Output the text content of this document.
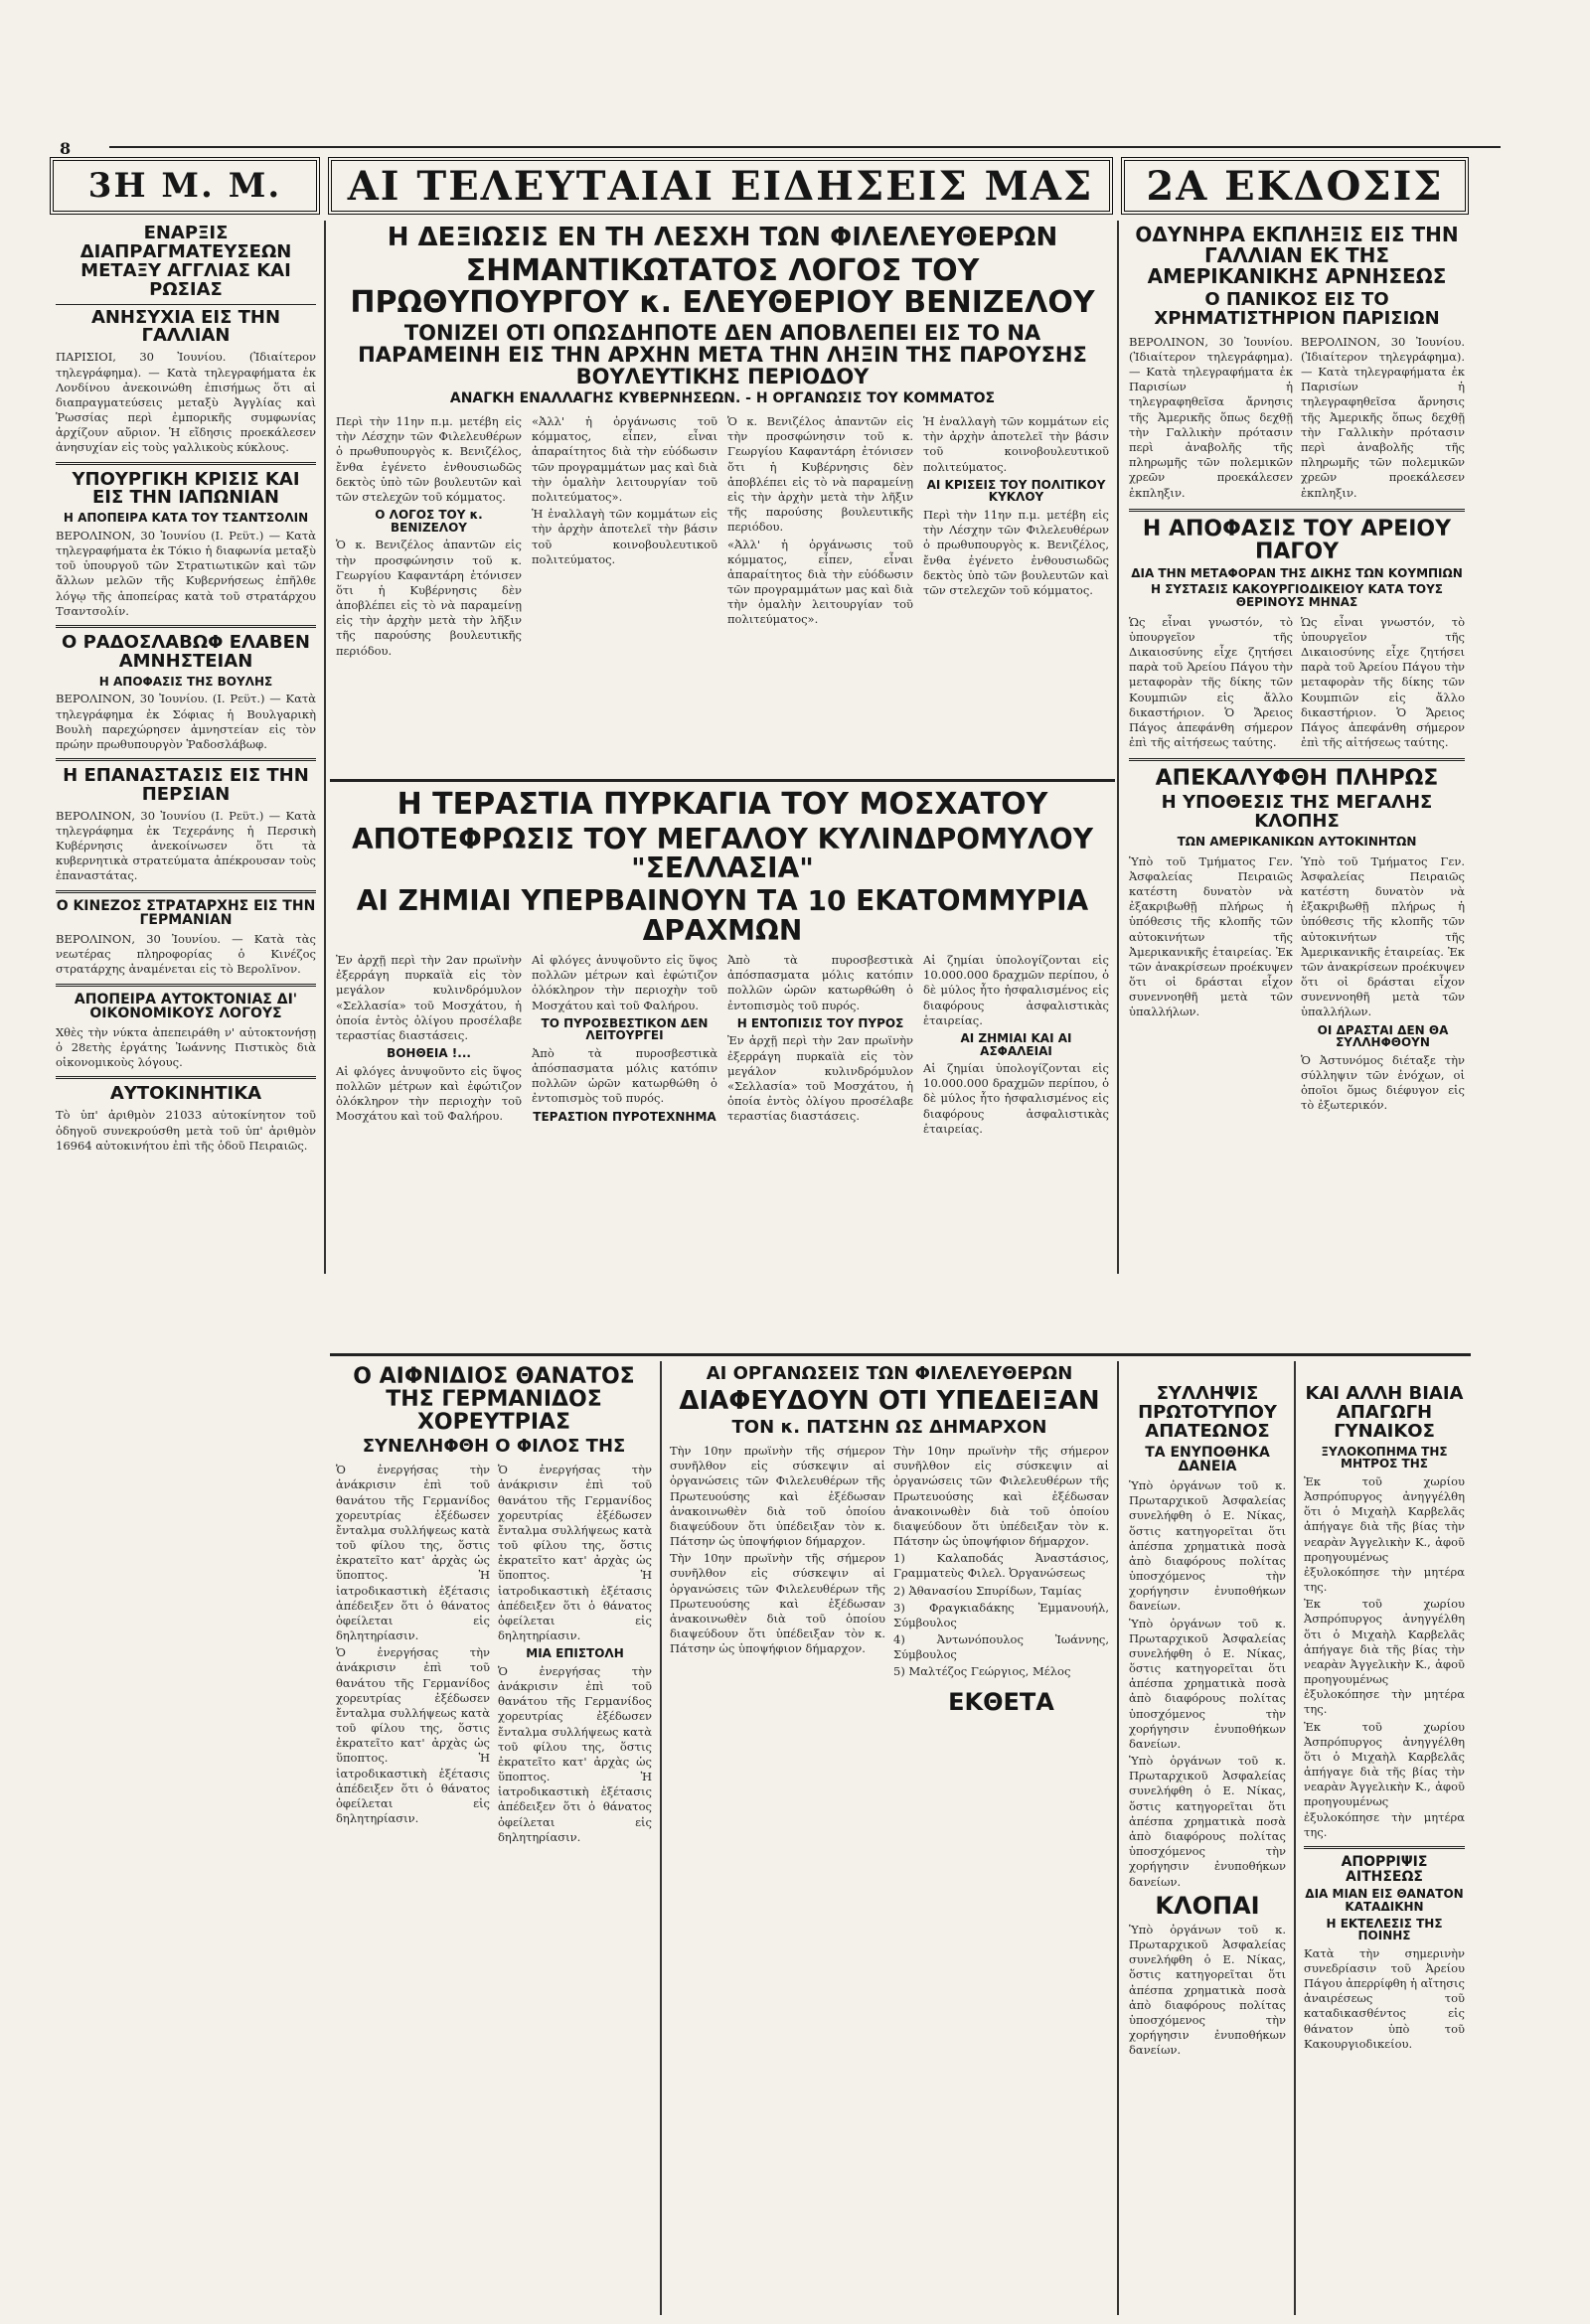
8
3Η Μ. Μ.	ΑΙ ΤΕΛΕΥΤΑΙΑΙ ΕΙΔΗΣΕΙΣ ΜΑΣ	2Α ΕΚΔΟΣΙΣ
ΕΝΑΡΞΙΣ ΔΙΑΠΡΑΓΜΑΤΕΥΣΕΩΝ ΜΕΤΑΞΥ ΑΓΓΛΙΑΣ ΚΑΙ ΡΩΣΙΑΣ
ΑΝΗΣΥΧΙΑ ΕΙΣ ΤΗΝ ΓΑΛΛΙΑΝ

ΠΑΡΙΣΙΟΙ, 30 Ἰουνίου. (Ἰδιαίτερον τηλεγράφημα). — Κατὰ τηλεγραφήματα ἐκ Λονδίνου ἀνεκοινώθη ἐπισήμως ὅτι αἱ διαπραγματεύσεις μεταξὺ Ἀγγλίας καὶ Ῥωσσίας περὶ ἐμπορικῆς συμφωνίας ἀρχίζουν αὔριον. Ἡ εἴδησις προεκάλεσεν ἀνησυχίαν εἰς τοὺς γαλλικοὺς κύκλους.

ΥΠΟΥΡΓΙΚΗ ΚΡΙΣΙΣ ΚΑΙ ΕΙΣ ΤΗΝ ΙΑΠΩΝΙΑΝ
Η ΑΠΟΠΕΙΡΑ ΚΑΤΑ ΤΟΥ ΤΣΑΝΤΣΟΛΙΝ

ΒΕΡΟΛΙΝΟΝ, 30 Ἰουνίου (Ι. Ρεϋτ.) — Κατὰ τηλεγραφήματα ἐκ Τόκιο ἡ διαφωνία μεταξὺ τοῦ ὑπουργοῦ τῶν Στρατιωτικῶν καὶ τῶν ἄλλων μελῶν τῆς Κυβερνήσεως ἐπῆλθε λόγῳ τῆς ἀποπείρας κατὰ τοῦ στρατάρχου Τσαντσολίν.

Ο ΡΑΔΟΣΛΑΒΩΦ ΕΛΑΒΕΝ ΑΜΝΗΣΤΕΙΑΝ
Η ΑΠΟΦΑΣΙΣ ΤΗΣ ΒΟΥΛΗΣ

ΒΕΡΟΛΙΝΟΝ, 30 Ἰουνίου. (Ι. Ρεϋτ.) — Κατὰ τηλεγράφημα ἐκ Σόφιας ἡ Βουλγαρικὴ Βουλὴ παρεχώρησεν ἀμνηστείαν εἰς τὸν πρώην πρωθυπουργὸν Ῥαδοσλάβωφ.

Η ΕΠΑΝΑΣΤΑΣΙΣ ΕΙΣ ΤΗΝ ΠΕΡΣΙΑΝ

ΒΕΡΟΛΙΝΟΝ, 30 Ἰουνίου (Ι. Ρεϋτ.) — Κατὰ τηλεγράφημα ἐκ Τεχεράνης ἡ Περσικὴ Κυβέρνησις ἀνεκοίνωσεν ὅτι τὰ κυβερνητικὰ στρατεύματα ἀπέκρουσαν τοὺς ἐπαναστάτας.

Ο ΚΙΝΕΖΟΣ ΣΤΡΑΤΑΡΧΗΣ ΕΙΣ ΤΗΝ ΓΕΡΜΑΝΙΑΝ

ΒΕΡΟΛΙΝΟΝ, 30 Ἰουνίου. — Κατὰ τὰς νεωτέρας πληροφορίας ὁ Κινέζος στρατάρχης ἀναμένεται εἰς τὸ Βερολῖνον.

ΑΠΟΠΕΙΡΑ ΑΥΤΟΚΤΟΝΙΑΣ ΔΙ' ΟΙΚΟΝΟΜΙΚΟΥΣ ΛΟΓΟΥΣ

Χθὲς τὴν νύκτα ἀπεπειράθη ν' αὐτοκτονήσῃ ὁ 28ετὴς ἐργάτης Ἰωάννης Πιστικὸς διὰ οἰκονομικοὺς λόγους.

ΑΥΤΟΚΙΝΗΤΙΚΑ

Τὸ ὑπ' ἀριθμὸν 21033 αὐτοκίνητον τοῦ ὁδηγοῦ συνεκρούσθη μετὰ τοῦ ὑπ' ἀριθμὸν 16964 αὐτοκινήτου ἐπὶ τῆς ὁδοῦ Πειραιῶς.

Η ΔΕΞΙΩΣΙΣ ΕΝ ΤΗ ΛΕΣΧΗ ΤΩΝ ΦΙΛΕΛΕΥΘΕΡΩΝ
ΣΗΜΑΝΤΙΚΩΤΑΤΟΣ ΛΟΓΟΣ ΤΟΥ ΠΡΩΘΥΠΟΥΡΓΟΥ κ. ΕΛΕΥΘΕΡΙΟΥ ΒΕΝΙΖΕΛΟΥ
ΤΟΝΙΖΕΙ ΟΤΙ ΟΠΩΣΔΗΠΟΤΕ ΔΕΝ ΑΠΟΒΛΕΠΕΙ ΕΙΣ ΤΟ ΝΑ ΠΑΡΑΜΕΙΝΗ ΕΙΣ ΤΗΝ ΑΡΧΗΝ ΜΕΤΑ ΤΗΝ ΛΗΞΙΝ ΤΗΣ ΠΑΡΟΥΣΗΣ ΒΟΥΛΕΥΤΙΚΗΣ ΠΕΡΙΟΔΟΥ
ΑΝΑΓΚΗ ΕΝΑΛΛΑΓΗΣ ΚΥΒΕΡΝΗΣΕΩΝ. - Η ΟΡΓΑΝΩΣΙΣ ΤΟΥ ΚΟΜΜΑΤΟΣ

Περὶ τὴν 11ην π.μ. μετέβη εἰς τὴν Λέσχην τῶν Φιλελευθέρων ὁ πρωθυπουργὸς κ. Βενιζέλος, ἔνθα ἐγένετο ἐνθουσιωδῶς δεκτὸς ὑπὸ τῶν βουλευτῶν καὶ τῶν στελεχῶν τοῦ κόμματος.

Ο ΛΟΓΟΣ ΤΟΥ κ. ΒΕΝΙΖΕΛΟΥ

Ὁ κ. Βενιζέλος ἀπαντῶν εἰς τὴν προσφώνησιν τοῦ κ. Γεωργίου Καφαντάρη ἐτόνισεν ὅτι ἡ Κυβέρνησις δὲν ἀποβλέπει εἰς τὸ νὰ παραμείνῃ εἰς τὴν ἀρχὴν μετὰ τὴν λῆξιν τῆς παρούσης βουλευτικῆς περιόδου.

«Ἀλλ' ἡ ὀργάνωσις τοῦ κόμματος, εἶπεν, εἶναι ἀπαραίτητος διὰ τὴν εὐόδωσιν τῶν προγραμμάτων μας καὶ διὰ τὴν ὁμαλὴν λειτουργίαν τοῦ πολιτεύματος».

Ἡ ἐναλλαγὴ τῶν κομμάτων εἰς τὴν ἀρχὴν ἀποτελεῖ τὴν βάσιν τοῦ κοινοβουλευτικοῦ πολιτεύματος.

Ὁ κ. Βενιζέλος ἀπαντῶν εἰς τὴν προσφώνησιν τοῦ κ. Γεωργίου Καφαντάρη ἐτόνισεν ὅτι ἡ Κυβέρνησις δὲν ἀποβλέπει εἰς τὸ νὰ παραμείνῃ εἰς τὴν ἀρχὴν μετὰ τὴν λῆξιν τῆς παρούσης βουλευτικῆς περιόδου.

«Ἀλλ' ἡ ὀργάνωσις τοῦ κόμματος, εἶπεν, εἶναι ἀπαραίτητος διὰ τὴν εὐόδωσιν τῶν προγραμμάτων μας καὶ διὰ τὴν ὁμαλὴν λειτουργίαν τοῦ πολιτεύματος».

Ἡ ἐναλλαγὴ τῶν κομμάτων εἰς τὴν ἀρχὴν ἀποτελεῖ τὴν βάσιν τοῦ κοινοβουλευτικοῦ πολιτεύματος.

ΑΙ ΚΡΙΣΕΙΣ ΤΟΥ ΠΟΛΙΤΙΚΟΥ ΚΥΚΛΟΥ

Περὶ τὴν 11ην π.μ. μετέβη εἰς τὴν Λέσχην τῶν Φιλελευθέρων ὁ πρωθυπουργὸς κ. Βενιζέλος, ἔνθα ἐγένετο ἐνθουσιωδῶς δεκτὸς ὑπὸ τῶν βουλευτῶν καὶ τῶν στελεχῶν τοῦ κόμματος.

Η ΤΕΡΑΣΤΙΑ ΠΥΡΚΑΓΙΑ ΤΟΥ ΜΟΣΧΑΤΟΥ
ΑΠΟΤΕΦΡΩΣΙΣ ΤΟΥ ΜΕΓΑΛΟΥ ΚΥΛΙΝΔΡΟΜΥΛΟΥ "ΣΕΛΛΑΣΙΑ"
ΑΙ ΖΗΜΙΑΙ ΥΠΕΡΒΑΙΝΟΥΝ ΤΑ 10 ΕΚΑΤΟΜΜΥΡΙΑ ΔΡΑΧΜΩΝ

Ἐν ἀρχῇ περὶ τὴν 2αν πρωϊνὴν ἐξερράγη πυρκαϊὰ εἰς τὸν μεγάλον κυλινδρόμυλον «Σελλασία» τοῦ Μοσχάτου, ἡ ὁποία ἐντὸς ὀλίγου προσέλαβε τεραστίας διαστάσεις.

ΒΟΗΘΕΙΑ !...

Αἱ φλόγες ἀνυψοῦντο εἰς ὕψος πολλῶν μέτρων καὶ ἐφώτιζον ὁλόκληρον τὴν περιοχὴν τοῦ Μοσχάτου καὶ τοῦ Φαλήρου.

Αἱ φλόγες ἀνυψοῦντο εἰς ὕψος πολλῶν μέτρων καὶ ἐφώτιζον ὁλόκληρον τὴν περιοχὴν τοῦ Μοσχάτου καὶ τοῦ Φαλήρου.

ΤΟ ΠΥΡΟΣΒΕΣΤΙΚΟΝ ΔΕΝ ΛΕΙΤΟΥΡΓΕΙ

Ἀπὸ τὰ πυροσβεστικὰ ἀπόσπασματα μόλις κατόπιν πολλῶν ὡρῶν κατωρθώθη ὁ ἐντοπισμὸς τοῦ πυρός.

ΤΕΡΑΣΤΙΟΝ ΠΥΡΟΤΕΧΝΗΜΑ

Ἀπὸ τὰ πυροσβεστικὰ ἀπόσπασματα μόλις κατόπιν πολλῶν ὡρῶν κατωρθώθη ὁ ἐντοπισμὸς τοῦ πυρός.

Η ΕΝΤΟΠΙΣΙΣ ΤΟΥ ΠΥΡΟΣ

Ἐν ἀρχῇ περὶ τὴν 2αν πρωϊνὴν ἐξερράγη πυρκαϊὰ εἰς τὸν μεγάλον κυλινδρόμυλον «Σελλασία» τοῦ Μοσχάτου, ἡ ὁποία ἐντὸς ὀλίγου προσέλαβε τεραστίας διαστάσεις.

Αἱ ζημίαι ὑπολογίζονται εἰς 10.000.000 δραχμῶν περίπου, ὁ δὲ μύλος ἦτο ἠσφαλισμένος εἰς διαφόρους ἀσφαλιστικὰς ἑταιρείας.

ΑΙ ΖΗΜΙΑΙ ΚΑΙ ΑΙ ΑΣΦΑΛΕΙΑΙ

Αἱ ζημίαι ὑπολογίζονται εἰς 10.000.000 δραχμῶν περίπου, ὁ δὲ μύλος ἦτο ἠσφαλισμένος εἰς διαφόρους ἀσφαλιστικὰς ἑταιρείας.

ΟΔΥΝΗΡΑ ΕΚΠΛΗΞΙΣ ΕΙΣ ΤΗΝ ΓΑΛΛΙΑΝ ΕΚ ΤΗΣ ΑΜΕΡΙΚΑΝΙΚΗΣ ΑΡΝΗΣΕΩΣ
Ο ΠΑΝΙΚΟΣ ΕΙΣ ΤΟ ΧΡΗΜΑΤΙΣΤΗΡΙΟΝ ΠΑΡΙΣΙΩΝ

ΒΕΡΟΛΙΝΟΝ, 30 Ἰουνίου. (Ἰδιαίτερον τηλεγράφημα). — Κατὰ τηλεγραφήματα ἐκ Παρισίων ἡ τηλεγραφηθεῖσα ἄρνησις τῆς Ἀμερικῆς ὅπως δεχθῇ τὴν Γαλλικὴν πρότασιν περὶ ἀναβολῆς τῆς πληρωμῆς τῶν πολεμικῶν χρεῶν προεκάλεσεν ἐκπληξιν.

ΒΕΡΟΛΙΝΟΝ, 30 Ἰουνίου. (Ἰδιαίτερον τηλεγράφημα). — Κατὰ τηλεγραφήματα ἐκ Παρισίων ἡ τηλεγραφηθεῖσα ἄρνησις τῆς Ἀμερικῆς ὅπως δεχθῇ τὴν Γαλλικὴν πρότασιν περὶ ἀναβολῆς τῆς πληρωμῆς τῶν πολεμικῶν χρεῶν προεκάλεσεν ἐκπληξιν.

Η ΑΠΟΦΑΣΙΣ ΤΟΥ ΑΡΕΙΟΥ ΠΑΓΟΥ
ΔΙΑ ΤΗΝ ΜΕΤΑΦΟΡΑΝ ΤΗΣ ΔΙΚΗΣ ΤΩΝ ΚΟΥΜΠΙΩΝ
Η ΣΥΣΤΑΣΙΣ ΚΑΚΟΥΡΓΙΟΔΙΚΕΙΟΥ ΚΑΤΑ ΤΟΥΣ ΘΕΡΙΝΟΥΣ ΜΗΝΑΣ

Ὡς εἶναι γνωστόν, τὸ ὑπουργεῖον τῆς Δικαιοσύνης εἶχε ζητήσει παρὰ τοῦ Ἀρείου Πάγου τὴν μεταφορὰν τῆς δίκης τῶν Κουμπιῶν εἰς ἄλλο δικαστήριον. Ὁ Ἄρειος Πάγος ἀπεφάνθη σήμερον ἐπὶ τῆς αἰτήσεως ταύτης.

Ὡς εἶναι γνωστόν, τὸ ὑπουργεῖον τῆς Δικαιοσύνης εἶχε ζητήσει παρὰ τοῦ Ἀρείου Πάγου τὴν μεταφορὰν τῆς δίκης τῶν Κουμπιῶν εἰς ἄλλο δικαστήριον. Ὁ Ἄρειος Πάγος ἀπεφάνθη σήμερον ἐπὶ τῆς αἰτήσεως ταύτης.

ΑΠΕΚΑΛΥΦΘΗ ΠΛΗΡΩΣ
Η ΥΠΟΘΕΣΙΣ ΤΗΣ ΜΕΓΑΛΗΣ ΚΛΟΠΗΣ
ΤΩΝ ΑΜΕΡΙΚΑΝΙΚΩΝ ΑΥΤΟΚΙΝΗΤΩΝ

Ὑπὸ τοῦ Τμήματος Γεν. Ἀσφαλείας Πειραιῶς κατέστη δυνατὸν νὰ ἐξακριβωθῇ πλήρως ἡ ὑπόθεσις τῆς κλοπῆς τῶν αὐτοκινήτων τῆς Ἀμερικανικῆς ἑταιρείας. Ἐκ τῶν ἀνακρίσεων προέκυψεν ὅτι οἱ δράσται εἶχον συνεννοηθῆ μετὰ τῶν ὑπαλλήλων.

Ὑπὸ τοῦ Τμήματος Γεν. Ἀσφαλείας Πειραιῶς κατέστη δυνατὸν νὰ ἐξακριβωθῇ πλήρως ἡ ὑπόθεσις τῆς κλοπῆς τῶν αὐτοκινήτων τῆς Ἀμερικανικῆς ἑταιρείας. Ἐκ τῶν ἀνακρίσεων προέκυψεν ὅτι οἱ δράσται εἶχον συνεννοηθῆ μετὰ τῶν ὑπαλλήλων.

ΟΙ ΔΡΑΣΤΑΙ ΔΕΝ ΘΑ ΣΥΛΛΗΦΘΟΥΝ

Ὁ Ἀστυνόμος διέταξε τὴν σύλληψιν τῶν ἐνόχων, οἱ ὁποῖοι ὅμως διέφυγον εἰς τὸ ἐξωτερικόν.

Ο ΑΙΦΝΙΔΙΟΣ ΘΑΝΑΤΟΣ ΤΗΣ ΓΕΡΜΑΝΙΔΟΣ ΧΟΡΕΥΤΡΙΑΣ
ΣΥΝΕΛΗΦΘΗ Ο ΦΙΛΟΣ ΤΗΣ

Ὁ ἐνεργήσας τὴν ἀνάκρισιν ἐπὶ τοῦ θανάτου τῆς Γερμανίδος χορευτρίας ἐξέδωσεν ἔνταλμα συλλήψεως κατὰ τοῦ φίλου της, ὅστις ἐκρατεῖτο κατ' ἀρχὰς ὡς ὕποπτος. Ἡ ἰατροδικαστικὴ ἐξέτασις ἀπέδειξεν ὅτι ὁ θάνατος ὀφείλεται εἰς δηλητηρίασιν.

Ὁ ἐνεργήσας τὴν ἀνάκρισιν ἐπὶ τοῦ θανάτου τῆς Γερμανίδος χορευτρίας ἐξέδωσεν ἔνταλμα συλλήψεως κατὰ τοῦ φίλου της, ὅστις ἐκρατεῖτο κατ' ἀρχὰς ὡς ὕποπτος. Ἡ ἰατροδικαστικὴ ἐξέτασις ἀπέδειξεν ὅτι ὁ θάνατος ὀφείλεται εἰς δηλητηρίασιν.

Ὁ ἐνεργήσας τὴν ἀνάκρισιν ἐπὶ τοῦ θανάτου τῆς Γερμανίδος χορευτρίας ἐξέδωσεν ἔνταλμα συλλήψεως κατὰ τοῦ φίλου της, ὅστις ἐκρατεῖτο κατ' ἀρχὰς ὡς ὕποπτος. Ἡ ἰατροδικαστικὴ ἐξέτασις ἀπέδειξεν ὅτι ὁ θάνατος ὀφείλεται εἰς δηλητηρίασιν.

ΜΙΑ ΕΠΙΣΤΟΛΗ

Ὁ ἐνεργήσας τὴν ἀνάκρισιν ἐπὶ τοῦ θανάτου τῆς Γερμανίδος χορευτρίας ἐξέδωσεν ἔνταλμα συλλήψεως κατὰ τοῦ φίλου της, ὅστις ἐκρατεῖτο κατ' ἀρχὰς ὡς ὕποπτος. Ἡ ἰατροδικαστικὴ ἐξέτασις ἀπέδειξεν ὅτι ὁ θάνατος ὀφείλεται εἰς δηλητηρίασιν.

ΑΙ ΟΡΓΑΝΩΣΕΙΣ ΤΩΝ ΦΙΛΕΛΕΥΘΕΡΩΝ
ΔΙΑΦΕΥΔΟΥΝ ΟΤΙ ΥΠΕΔΕΙΞΑΝ
ΤΟΝ κ. ΠΑΤΣΗΝ ΩΣ ΔΗΜΑΡΧΟΝ

Τὴν 10ην πρωϊνὴν τῆς σήμερον συνῆλθον εἰς σύσκεψιν αἱ ὀργανώσεις τῶν Φιλελευθέρων τῆς Πρωτευούσης καὶ ἐξέδωσαν ἀνακοινωθὲν διὰ τοῦ ὁποίου διαψεύδουν ὅτι ὑπέδειξαν τὸν κ. Πάτσην ὡς ὑποψήφιον δήμαρχον.

Τὴν 10ην πρωϊνὴν τῆς σήμερον συνῆλθον εἰς σύσκεψιν αἱ ὀργανώσεις τῶν Φιλελευθέρων τῆς Πρωτευούσης καὶ ἐξέδωσαν ἀνακοινωθὲν διὰ τοῦ ὁποίου διαψεύδουν ὅτι ὑπέδειξαν τὸν κ. Πάτσην ὡς ὑποψήφιον δήμαρχον.

Τὴν 10ην πρωϊνὴν τῆς σήμερον συνῆλθον εἰς σύσκεψιν αἱ ὀργανώσεις τῶν Φιλελευθέρων τῆς Πρωτευούσης καὶ ἐξέδωσαν ἀνακοινωθὲν διὰ τοῦ ὁποίου διαψεύδουν ὅτι ὑπέδειξαν τὸν κ. Πάτσην ὡς ὑποψήφιον δήμαρχον.

1) Καλαποδάς Ἀναστάσιος, Γραμματεὺς Φιλελ. Ὀργανώσεως
2) Ἀθανασίου Σπυρίδων, Ταμίας
3) Φραγκιαδάκης Ἐμμανουήλ, Σύμβουλος
4) Ἀντωνόπουλος Ἰωάννης, Σύμβουλος
5) Μαλτέζος Γεώργιος, Μέλος
ΕΚΘΕΤΑ
ΣΥΛΛΗΨΙΣ ΠΡΩΤΟΤΥΠΟΥ ΑΠΑΤΕΩΝΟΣ
ΤΑ ΕΝΥΠΟΘΗΚΑ ΔΑΝΕΙΑ

Ὑπὸ ὀργάνων τοῦ κ. Πρωταρχικοῦ Ἀσφαλείας συνελήφθη ὁ Ε. Νίκας, ὅστις κατηγορεῖται ὅτι ἀπέσπα χρηματικὰ ποσὰ ἀπὸ διαφόρους πολίτας ὑποσχόμενος τὴν χορήγησιν ἐνυποθήκων δανείων.

Ὑπὸ ὀργάνων τοῦ κ. Πρωταρχικοῦ Ἀσφαλείας συνελήφθη ὁ Ε. Νίκας, ὅστις κατηγορεῖται ὅτι ἀπέσπα χρηματικὰ ποσὰ ἀπὸ διαφόρους πολίτας ὑποσχόμενος τὴν χορήγησιν ἐνυποθήκων δανείων.

Ὑπὸ ὀργάνων τοῦ κ. Πρωταρχικοῦ Ἀσφαλείας συνελήφθη ὁ Ε. Νίκας, ὅστις κατηγορεῖται ὅτι ἀπέσπα χρηματικὰ ποσὰ ἀπὸ διαφόρους πολίτας ὑποσχόμενος τὴν χορήγησιν ἐνυποθήκων δανείων.

ΚΛΟΠΑΙ

Ὑπὸ ὀργάνων τοῦ κ. Πρωταρχικοῦ Ἀσφαλείας συνελήφθη ὁ Ε. Νίκας, ὅστις κατηγορεῖται ὅτι ἀπέσπα χρηματικὰ ποσὰ ἀπὸ διαφόρους πολίτας ὑποσχόμενος τὴν χορήγησιν ἐνυποθήκων δανείων.

ΚΑΙ ΑΛΛΗ ΒΙΑΙΑ ΑΠΑΓΩΓΗ ΓΥΝΑΙΚΟΣ
ΞΥΛΟΚΟΠΗΜΑ ΤΗΣ ΜΗΤΡΟΣ ΤΗΣ

Ἐκ τοῦ χωρίου Ἀσπρόπυργος ἀνηγγέλθη ὅτι ὁ Μιχαὴλ Καρβελᾶς ἀπήγαγε διὰ τῆς βίας τὴν νεαρὰν Ἀγγελικὴν Κ., ἀφοῦ προηγουμένως ἐξυλοκόπησε τὴν μητέρα της.

Ἐκ τοῦ χωρίου Ἀσπρόπυργος ἀνηγγέλθη ὅτι ὁ Μιχαὴλ Καρβελᾶς ἀπήγαγε διὰ τῆς βίας τὴν νεαρὰν Ἀγγελικὴν Κ., ἀφοῦ προηγουμένως ἐξυλοκόπησε τὴν μητέρα της.

Ἐκ τοῦ χωρίου Ἀσπρόπυργος ἀνηγγέλθη ὅτι ὁ Μιχαὴλ Καρβελᾶς ἀπήγαγε διὰ τῆς βίας τὴν νεαρὰν Ἀγγελικὴν Κ., ἀφοῦ προηγουμένως ἐξυλοκόπησε τὴν μητέρα της.

ΑΠΟΡΡΙΨΙΣ ΑΙΤΗΣΕΩΣ
ΔΙΑ ΜΙΑΝ ΕΙΣ ΘΑΝΑΤΟΝ ΚΑΤΑΔΙΚΗΝ
Η ΕΚΤΕΛΕΣΙΣ ΤΗΣ ΠΟΙΝΗΣ

Κατὰ τὴν σημερινὴν συνεδρίασιν τοῦ Ἀρείου Πάγου ἀπερρίφθη ἡ αἴτησις ἀναιρέσεως τοῦ καταδικασθέντος εἰς θάνατον ὑπὸ τοῦ Κακουργιοδικείου.
